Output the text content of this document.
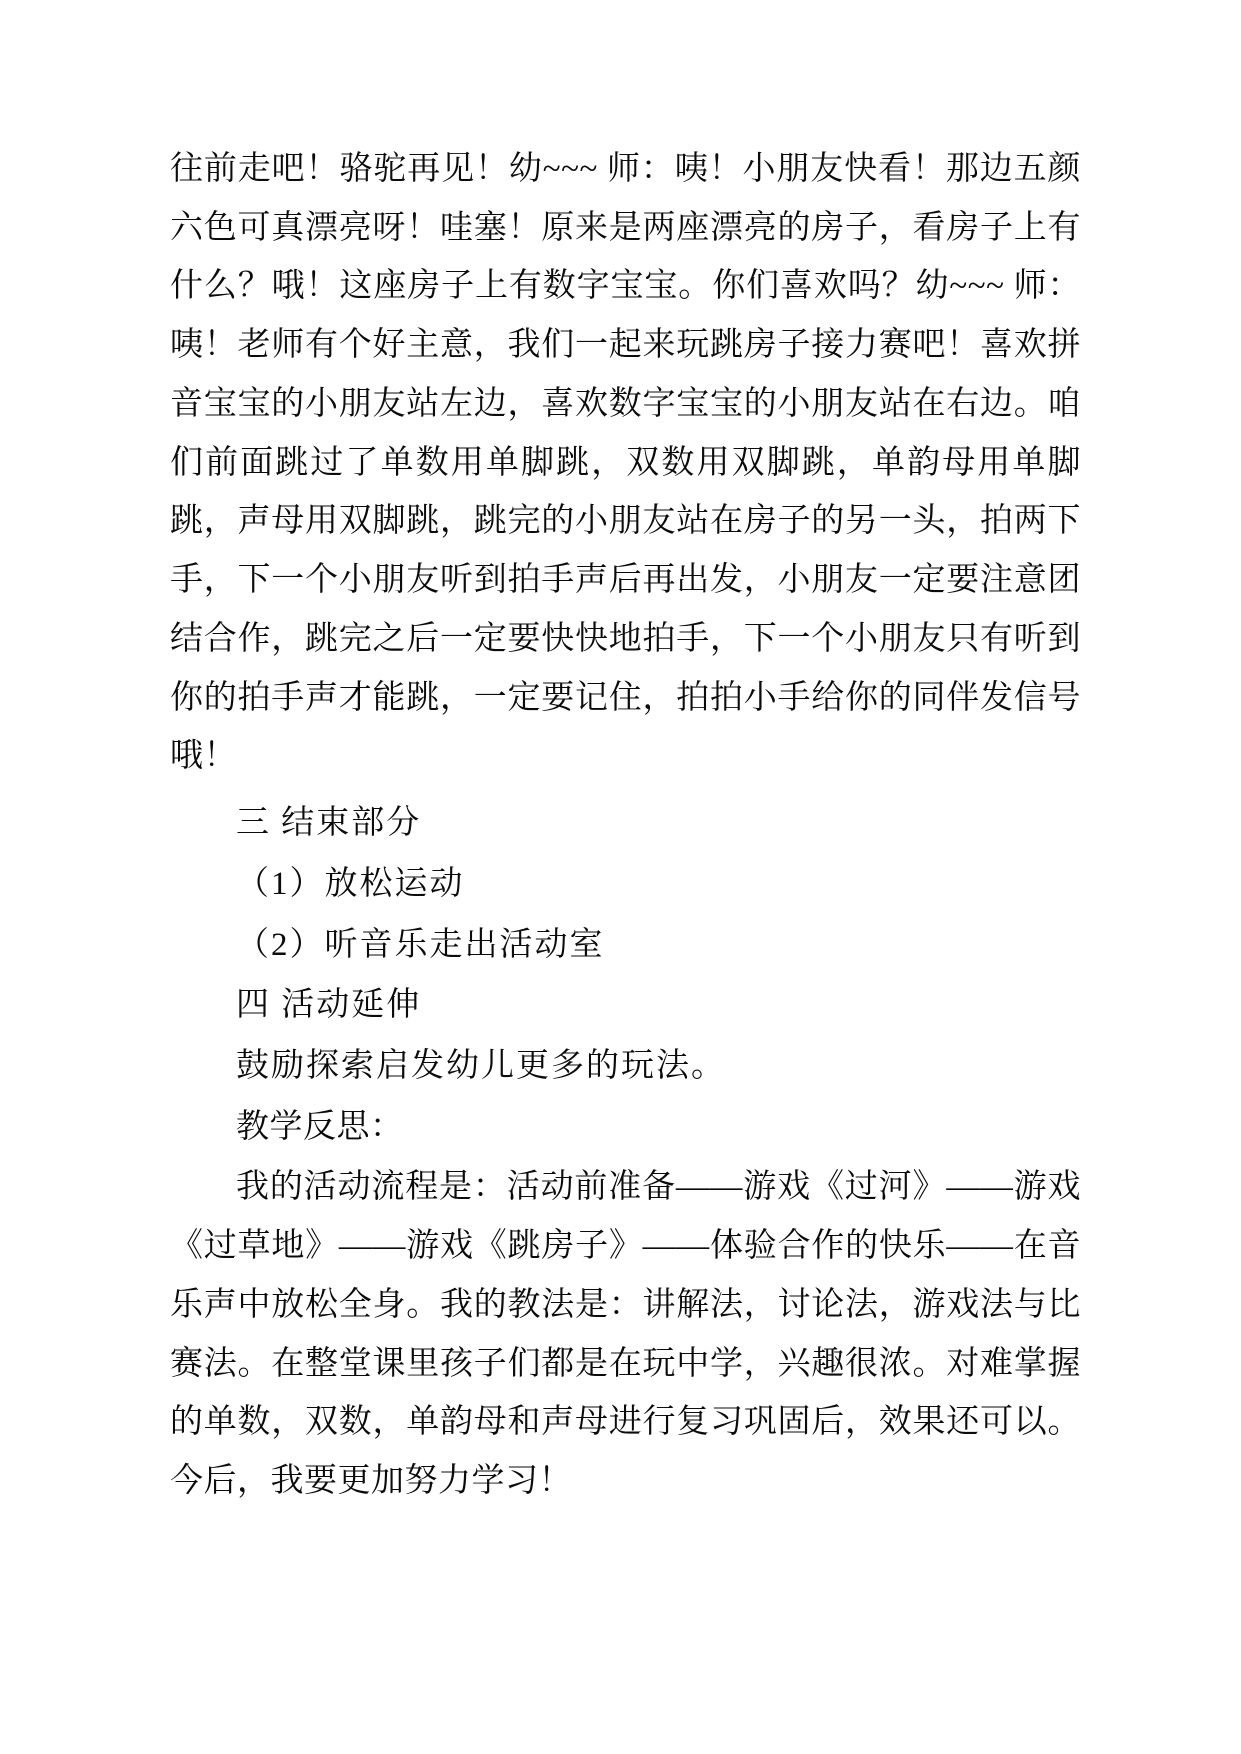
往前走吧！骆驼再见！幼~~~ 师：咦！小朋友快看！那边五颜六色可真漂亮呀！哇塞！原来是两座漂亮的房子，看房子上有什么？哦！这座房子上有数字宝宝。你们喜欢吗？幼~~~ 师：咦！老师有个好主意，我们一起来玩跳房子接力赛吧！喜欢拼音宝宝的小朋友站左边，喜欢数字宝宝的小朋友站在右边。咱们前面跳过了单数用单脚跳，双数用双脚跳，单韵母用单脚跳，声母用双脚跳，跳完的小朋友站在房子的另一头，拍两下手，下一个小朋友听到拍手声后再出发，小朋友一定要注意团结合作，跳完之后一定要快快地拍手，下一个小朋友只有听到你的拍手声才能跳，一定要记住，拍拍小手给你的同伴发信号哦！

三 结束部分

（1）放松运动

（2）听音乐走出活动室

四 活动延伸

鼓励探索启发幼儿更多的玩法。

教学反思：

我的活动流程是：活动前准备——游戏《过河》——游戏《过草地》——游戏《跳房子》——体验合作的快乐——在音乐声中放松全身。我的教法是：讲解法，讨论法，游戏法与比赛法。在整堂课里孩子们都是在玩中学，兴趣很浓。对难掌握的单数，双数，单韵母和声母进行复习巩固后，效果还可以。今后，我要更加努力学习！
